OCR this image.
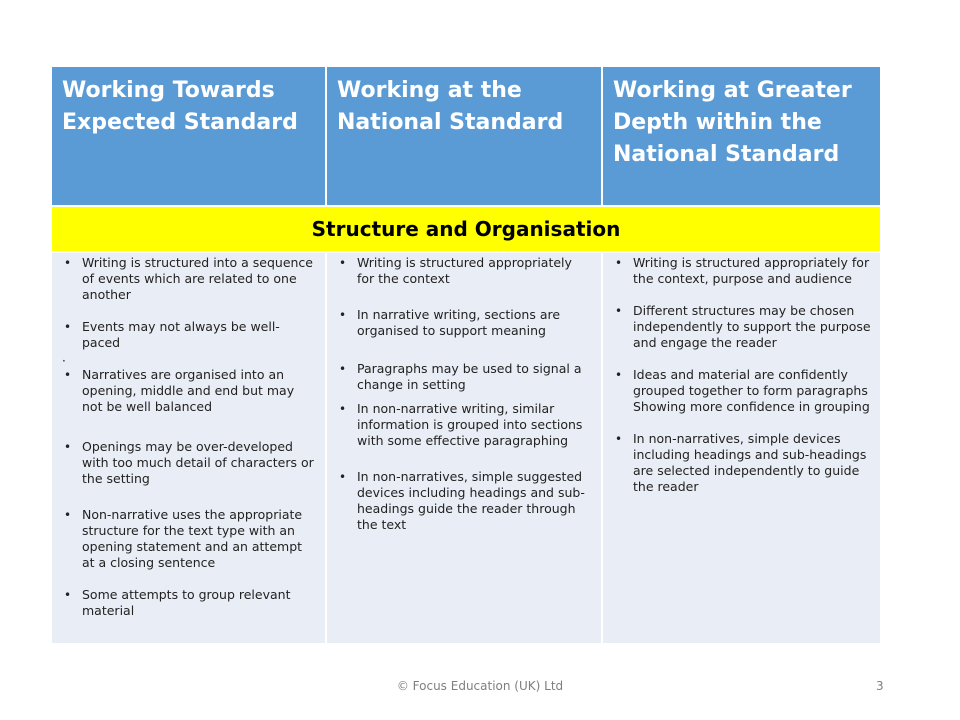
Working Towards Expected Standard
Working at the National Standard
Working at Greater Depth within the National Standard
Structure and Organisation
• Writing is structured into a sequence of events which are related to one another
• Events may not always be well-paced
·
• Narratives are organised into an opening, middle and end but may not be well balanced
• Openings may be over-developed with too much detail of characters or the setting
• Non-narrative uses the appropriate structure for the text type with an opening statement and an attempt at a closing sentence
• Some attempts to group relevant material
• Writing is structured appropriately for the context
• In narrative writing, sections are organised to support meaning
• Paragraphs may be used to signal a change in setting
• In non-narrative writing, similar information is grouped into sections with some effective paragraphing
• In non-narratives, simple suggested devices including headings and sub-headings guide the reader through the text
• Writing is structured appropriately for the context, purpose and audience
• Different structures may be chosen independently to support the purpose and engage the reader
• Ideas and material are confidently grouped together to form paragraphs Showing more confidence in grouping
• In non-narratives, simple devices including headings and sub-headings are selected independently to guide the reader
© Focus Education (UK) Ltd	3
